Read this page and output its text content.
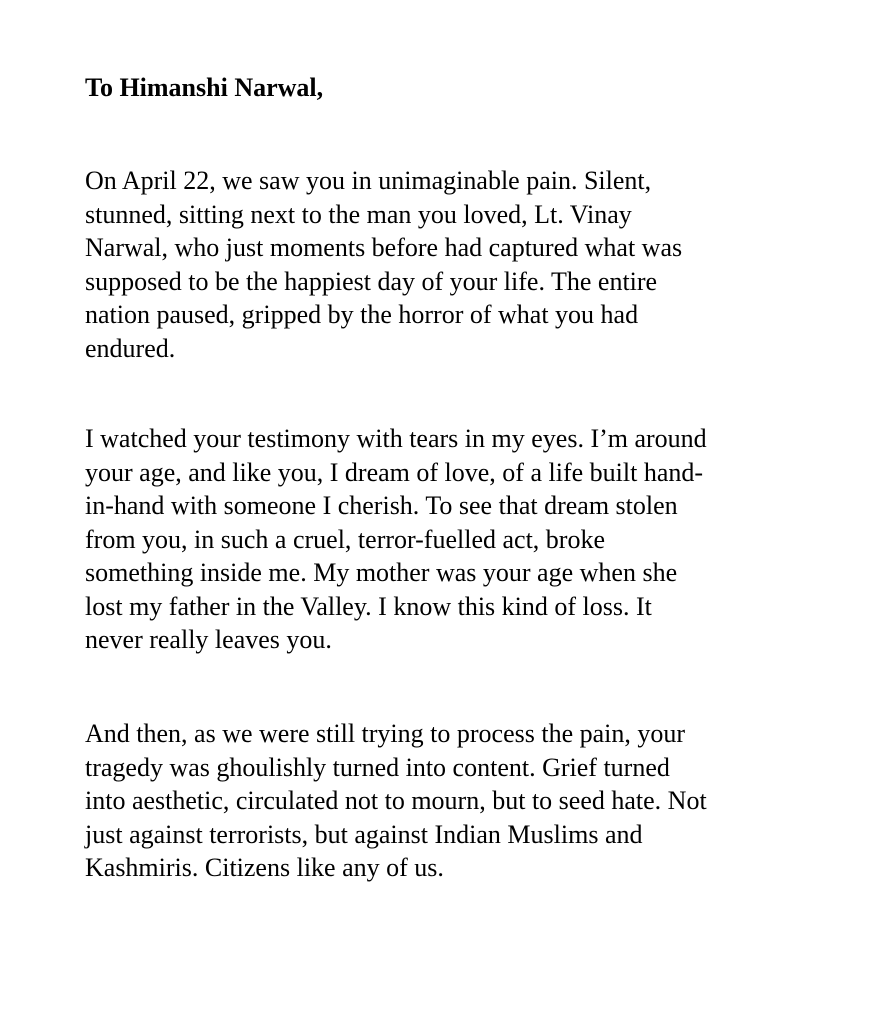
To Himanshi Narwal,

On April 22, we saw you in unimaginable pain. Silent,
stunned, sitting next to the man you loved, Lt. Vinay
Narwal, who just moments before had captured what was
supposed to be the happiest day of your life. The entire
nation paused, gripped by the horror of what you had
endured.

I watched your testimony with tears in my eyes. I’m around
your age, and like you, I dream of love, of a life built hand-
in-hand with someone I cherish. To see that dream stolen
from you, in such a cruel, terror-fuelled act, broke
something inside me. My mother was your age when she
lost my father in the Valley. I know this kind of loss. It
never really leaves you.

And then, as we were still trying to process the pain, your
tragedy was ghoulishly turned into content. Grief turned
into aesthetic, circulated not to mourn, but to seed hate. Not
just against terrorists, but against Indian Muslims and
Kashmiris. Citizens like any of us.
